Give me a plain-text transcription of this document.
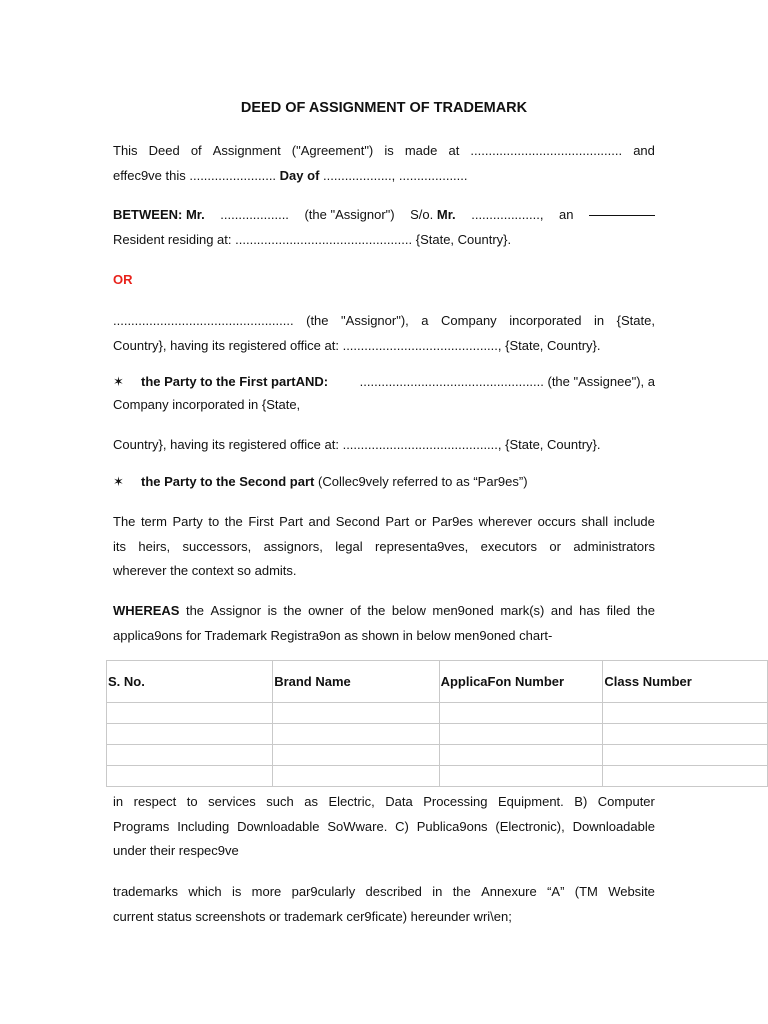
DEED OF ASSIGNMENT OF TRADEMARK
This Deed of Assignment ("Agreement") is made at .......................................... and
effec9ve this ........................ Day of ..................., ...................
BETWEEN: Mr. ................... (the "Assignor") S/o. Mr. ..................., an
Resident residing at: ................................................. {State, Country}.
OR
.................................................. (the "Assignor"), a Company incorporated in {State,
Country}, having its registered office at: ..........................................., {State, Country}.
✶ the Party to the First partAND: ................................................... (the "Assignee"), a
Company incorporated in {State,
Country}, having its registered office at: ..........................................., {State, Country}.
✶ the Party to the Second part (Collec9vely referred to as “Par9es”)
The term Party to the First Part and Second Part or Par9es wherever occurs shall include
its heirs, successors, assignors, legal representa9ves, executors or administrators
wherever the context so admits.
WHEREAS the Assignor is the owner of the below men9oned mark(s) and has filed the
applica9ons for Trademark Registra9on as shown in below men9oned chart-
S. No.	Brand Name	ApplicaFon Number	Class Number

in respect to services such as Electric, Data Processing Equipment. B) Computer
Programs Including Downloadable SoWware. C) Publica9ons (Electronic), Downloadable
under their respec9ve
trademarks which is more par9cularly described in the Annexure “A” (TM Website
current status screenshots or trademark cer9ficate) hereunder wri\en;
